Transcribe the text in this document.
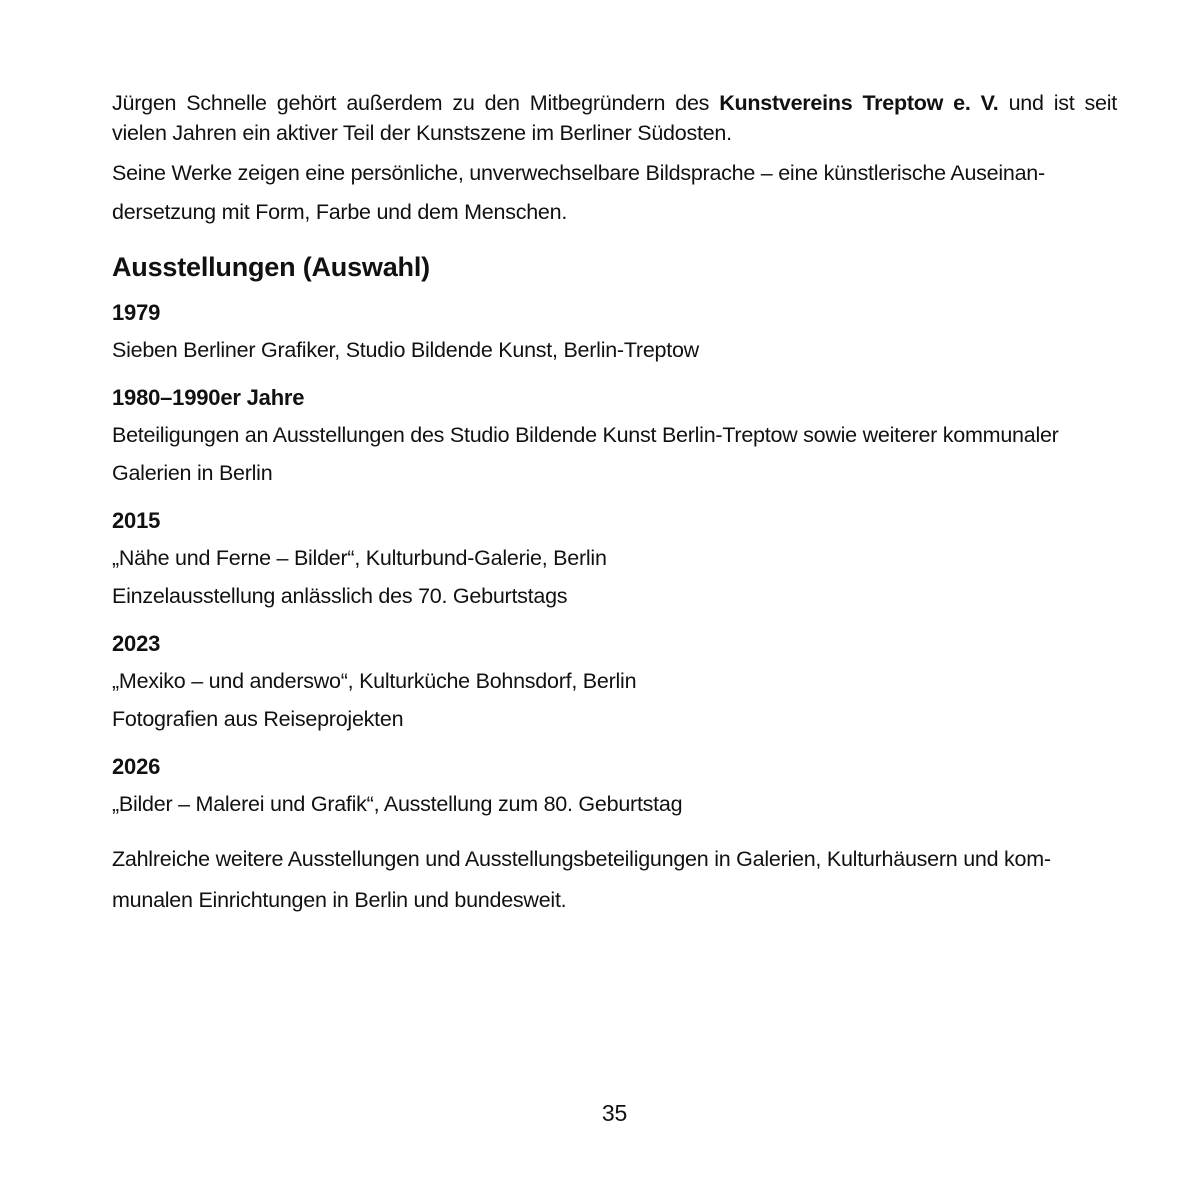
Jürgen Schnelle gehört außerdem zu den Mitbegründern des Kunstvereins Treptow e. V. und ist seit
vielen Jahren ein aktiver Teil der Kunstszene im Berliner Südosten.
Seine Werke zeigen eine persönliche, unverwechselbare Bildsprache – eine künstlerische Auseinan-
dersetzung mit Form, Farbe und dem Menschen.
Ausstellungen (Auswahl)
1979
Sieben Berliner Grafiker, Studio Bildende Kunst, Berlin-Treptow
1980–1990er Jahre
Beteiligungen an Ausstellungen des Studio Bildende Kunst Berlin-Treptow sowie weiterer kommunaler
Galerien in Berlin
2015
„Nähe und Ferne – Bilder“, Kulturbund-Galerie, Berlin
Einzelausstellung anlässlich des 70. Geburtstags
2023
„Mexiko – und anderswo“, Kulturküche Bohnsdorf, Berlin
Fotografien aus Reiseprojekten
2026
„Bilder – Malerei und Grafik“, Ausstellung zum 80. Geburtstag
Zahlreiche weitere Ausstellungen und Ausstellungsbeteiligungen in Galerien, Kulturhäusern und kom-
munalen Einrichtungen in Berlin und bundesweit.
35
